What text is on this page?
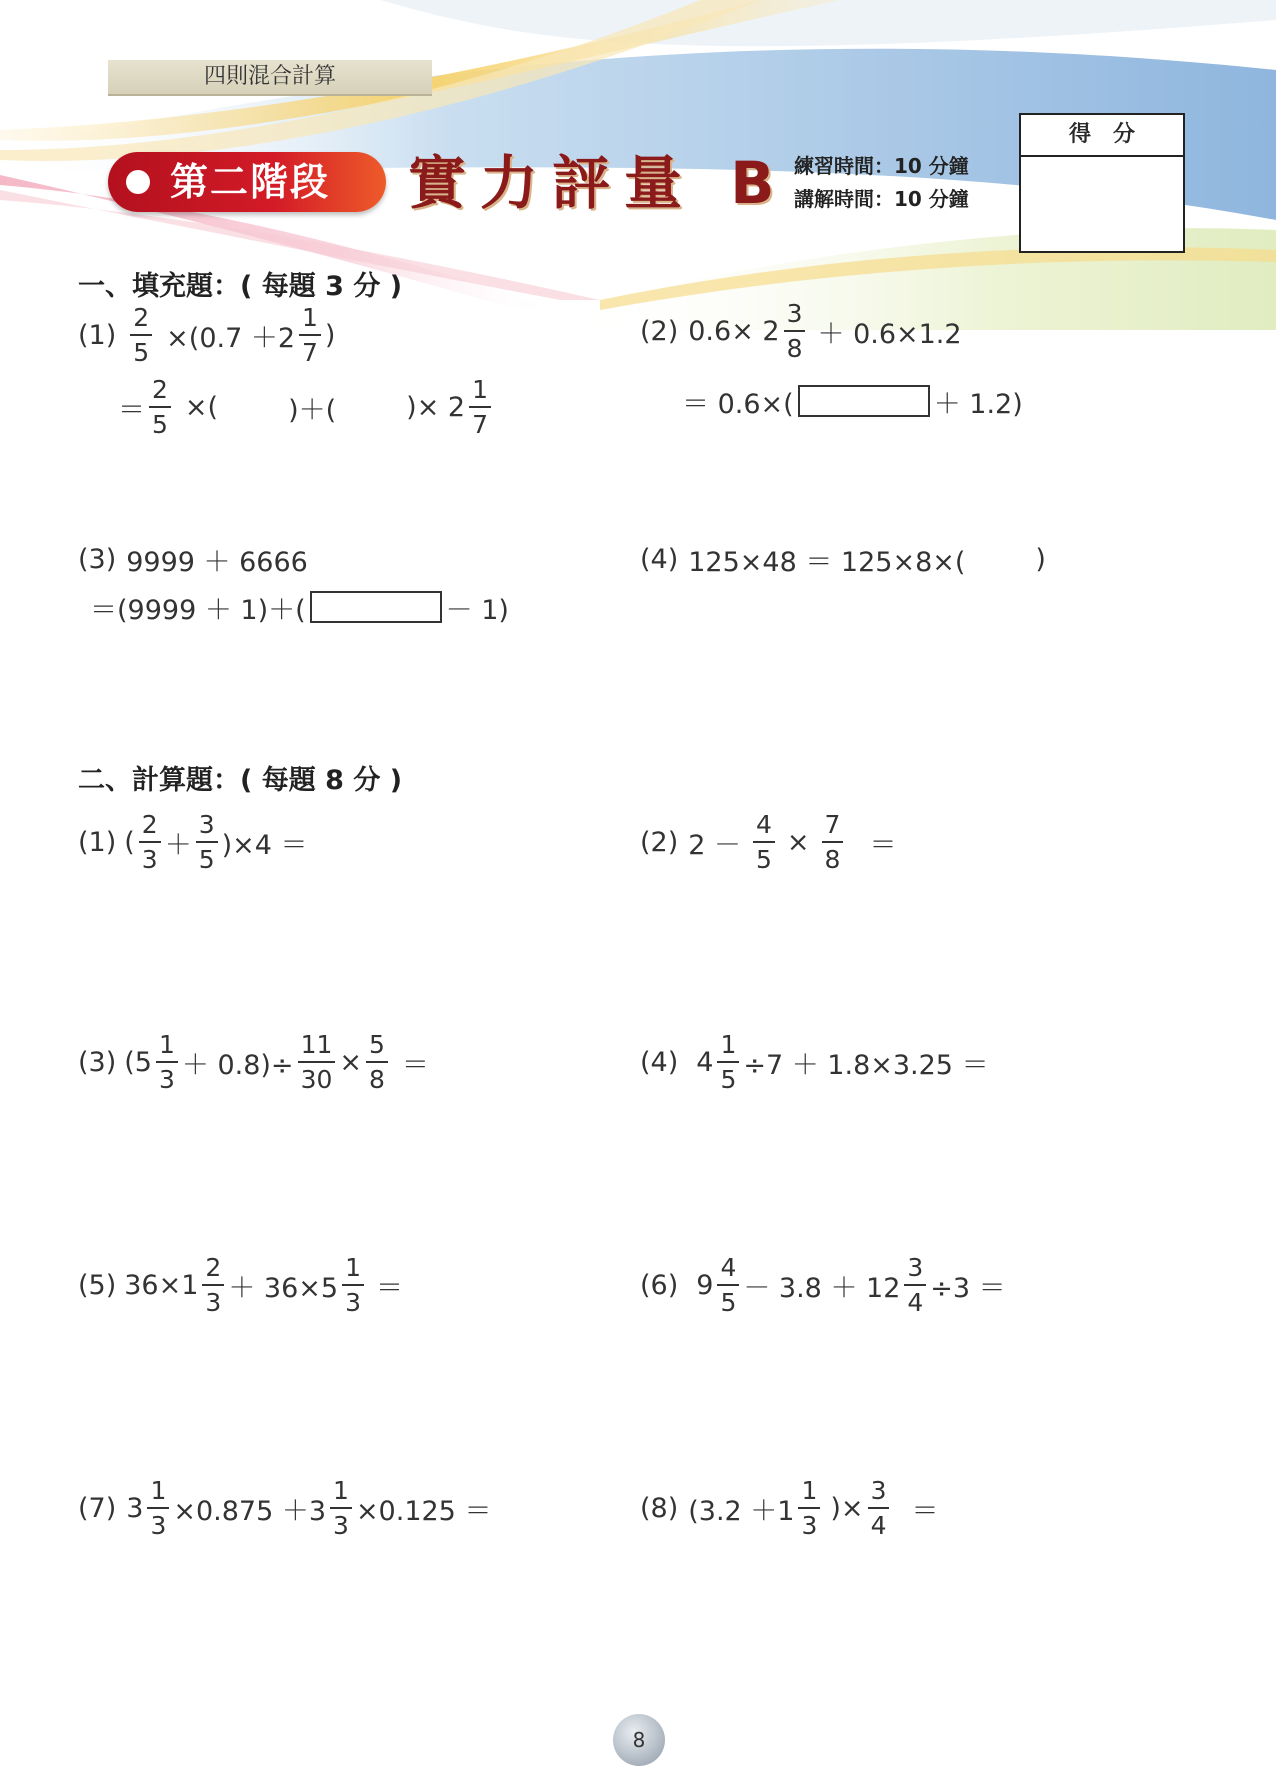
四則混合計算
第二階段 實力評量 B 練習時間：10 分鐘
講解時間：10 分鐘
得分
一、填充題：( 每題 3 分 )
$(1) \frac{2}{5} \times(0.7 +2 \frac{1}{7}$ )
＝ $\frac{2}{5}$ ×(	)＋(	)× $2 \frac{1}{7}$
(2) $0.6\times 2 \frac{3}{8} + 0.6\times 1.2$
＝ 0.6×(	＋ 1.2)
(3) 9999 ＋ 6666
＝(9999 ＋ 1)＋(	－ 1)
(4) 125×48 ＝ 125×8×(	)
二、計算題：( 每題 8 分 )
(1) ( $\frac{2}{3} + \frac{3}{5} )\times 4$ ＝	(2) $2 - \frac{4}{5} \times \frac{7}{8}$ ＝
(3) $(5 \frac{1}{3} + 0.8)\div \frac{11}{30} \times \frac{5}{8}$ ＝	(4) $4 \frac{1}{5} \div 7 + 1.8\times 3.25$ ＝
(5) $36\times 1 \frac{2}{3} + 36\times 5 \frac{1}{3}$ ＝	(6) $9 \frac{4}{5} - 3.8 + 12 \frac{3}{4} \div 3$ ＝
(7) $3 \frac{1}{3} \times 0.875 +3 \frac{1}{3} \times 0.125$ ＝	(8) ($3.2 +1 \frac{1}{3}$ )× $\frac{3}{4}$ ＝
8
